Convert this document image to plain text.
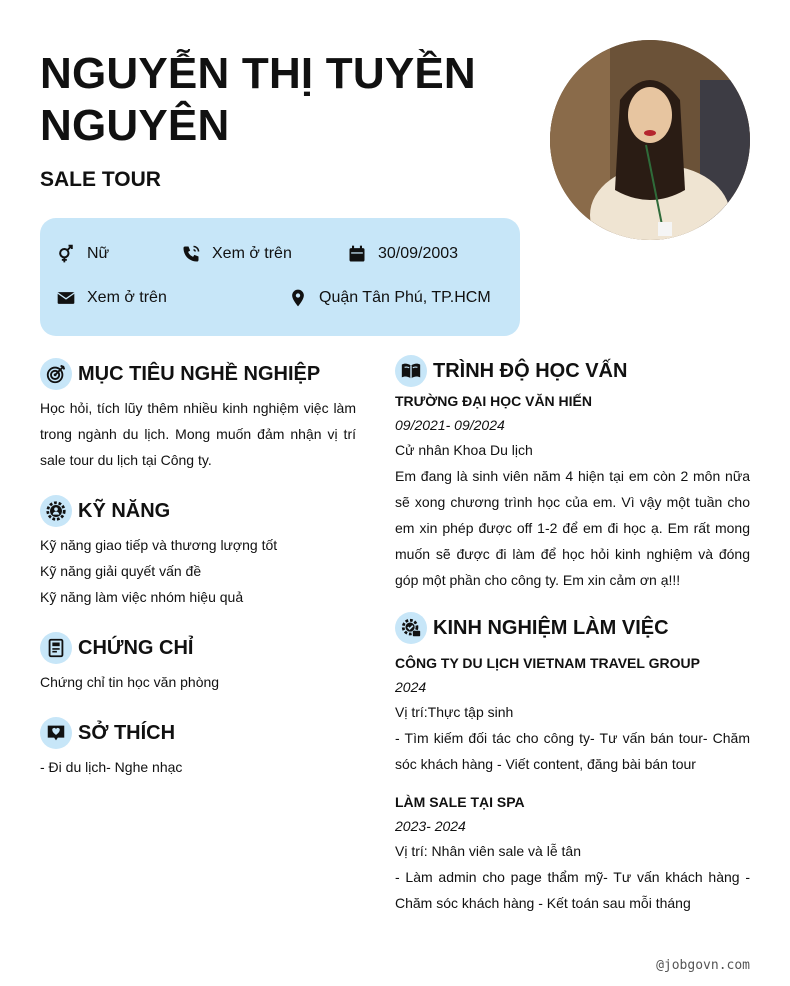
NGUYỄN THỊ TUYỀN NGUYÊN
SALE TOUR
Nữ	Xem ở trên	30/09/2003
Xem ở trên	Quận Tân Phú, TP.HCM
MỤC TIÊU NGHỀ NGHIỆP

Học hỏi, tích lũy thêm nhiều kinh nghiệm việc làm trong ngành du lịch. Mong muốn đảm nhận vị trí sale tour du lịch tại Công ty.

KỸ NĂNG
Kỹ năng giao tiếp và thương lượng tốt
Kỹ năng giải quyết vấn đề
Kỹ năng làm việc nhóm hiệu quả
CHỨNG CHỈ

Chứng chỉ tin học văn phòng

SỞ THÍCH

- Đi du lịch- Nghe nhạc

TRÌNH ĐỘ HỌC VẤN
TRƯỜNG ĐẠI HỌC VĂN HIẾN
09/2021- 09/2024

Cử nhân Khoa Du lịch

Em đang là sinh viên năm 4 hiện tại em còn 2 môn nữa sẽ xong chương trình học của em. Vì vậy một tuần cho em xin phép được off 1-2 để em đi học ạ. Em rất mong muốn sẽ được đi làm để học hỏi kinh nghiệm và đóng góp một phần cho công ty. Em xin cảm ơn ạ!!!

KINH NGHIỆM LÀM VIỆC
CÔNG TY DU LỊCH VIETNAM TRAVEL GROUP
2024

Vị trí:Thực tập sinh

- Tìm kiếm đối tác cho công ty- Tư vấn bán tour- Chăm sóc khách hàng - Viết content, đăng bài bán tour

LÀM SALE TẠI SPA
2023- 2024

Vị trí: Nhân viên sale và lễ tân

- Làm admin cho page thẩm mỹ- Tư vấn khách hàng - Chăm sóc khách hàng - Kết toán sau mỗi tháng

@jobgovn.com
